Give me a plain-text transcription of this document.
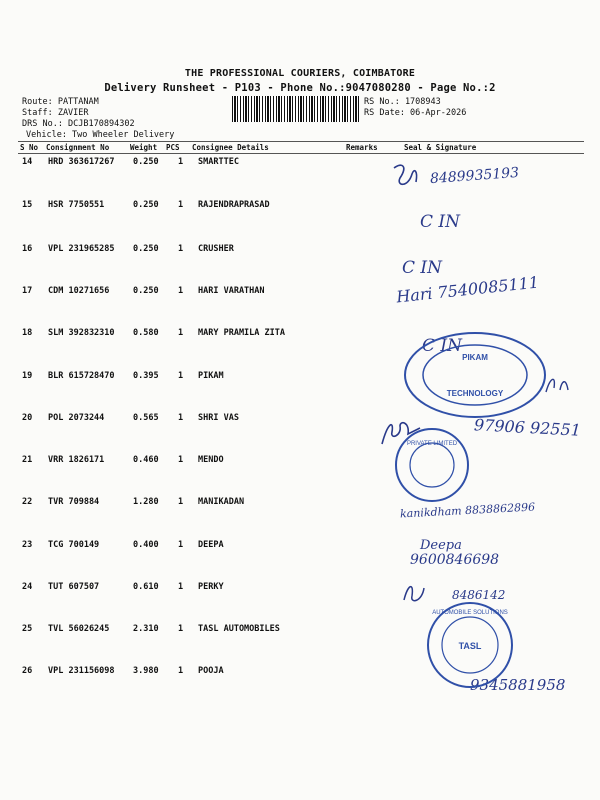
THE PROFESSIONAL COURIERS, COIMBATORE
Delivery Runsheet - P103 - Phone No.:9047080280 - Page No.:2
Route: PATTANAM
Staff: ZAVIER
DRS No.: DCJB170894302
Vehicle: Two Wheeler Delivery
RS No.: 1708943
RS Date: 06-Apr-2026
S No Consignment No	Weight PCS Consignee Details	Remarks	Seal & Signature
14 HRD 363617267 0.250 1 SMARTTEC
15 HSR 7750551	0.250 1 RAJENDRAPRASAD
16 VPL 231965285 0.250 1 CRUSHER
17 CDM 10271656	0.250 1 HARI VARATHAN
18 SLM 392832310 0.580 1 MARY PRAMILA ZITA
19 BLR 615728470 0.395 1 PIKAM
20 POL 2073244	0.565 1 SHRI VAS
21 VRR 1826171	0.460 1 MENDO
22 TVR 709884	1.280 1 MANIKADAN
23 TCG 700149	0.400 1 DEEPA
24 TUT 607507	0.610 1 PERKY
25 TVL 56026245	2.310 1 TASL AUTOMOBILES
26 VPL 231156098 3.980 1 POOJA
8489935193
C IN
C IN
Hari 7540085111
C IN
97906 92551
kanikdham 8838862896
Deepa
9600846698
8486142
9345881958
PIKAM
TECHNOLOGY
PRIVATE LIMITED
TASL
AUTOMOBILE SOLUTIONS
